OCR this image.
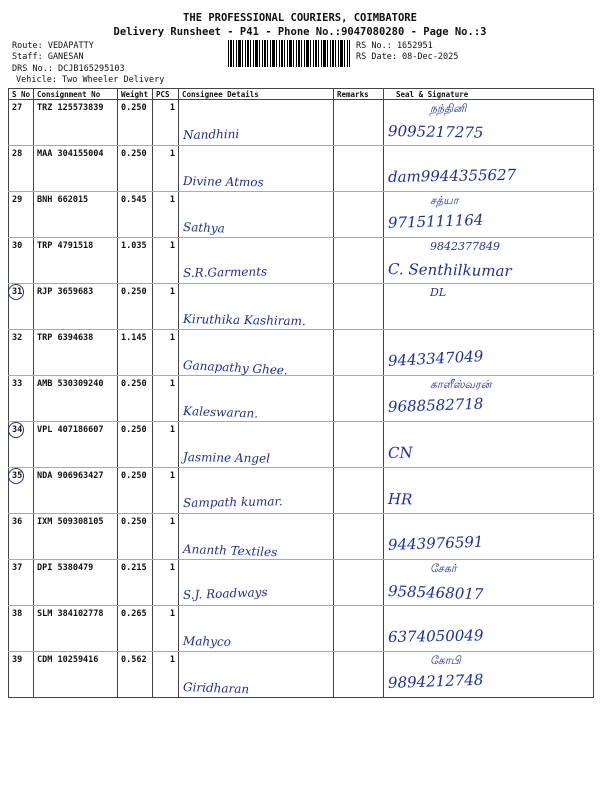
THE PROFESSIONAL COURIERS, COIMBATORE
Delivery Runsheet - P41 - Phone No.:9047080280 - Page No.:3
Route: VEDAPATTY
Staff: GANESAN
DRS No.: DCJB165295103
Vehicle: Two Wheeler Delivery
RS No.: 1652951
RS Date: 08-Dec-2025
S No	Consignment No	Weight	PCS	Consignee Details	Remarks	Seal & Signature
27	TRZ 125573839	0.250	1	Nandhini		நந்தினி
9095217275

28	MAA 304155004	0.250	1	Divine Atmos		dam9944355627

29	BNH 662015	0.545	1	Sathya		சத்யா
9715111164

30	TRP 4791518	1.035	1	S.R.Garments		9842377849
C. Senthilkumar

31	RJP 3659683	0.250	1	Kiruthika Kashiram.		DL

32	TRP 6394638	1.145	1	Ganapathy Ghee.		9443347049

33	AMB 530309240	0.250	1	Kaleswaran.		காளீஸ்வரன்
9688582718

34	VPL 407186607	0.250	1	Jasmine Angel		CN

35	NDA 906963427	0.250	1	Sampath kumar.		HR

36	IXM 509308105	0.250	1	Ananth Textiles		9443976591

37	DPI 5380479	0.215	1	S.J. Roadways		சேகர்
9585468017

38	SLM 384102778	0.265	1	Mahyco		6374050049

39	CDM 10259416	0.562	1	Giridharan		கோபி
9894212748
